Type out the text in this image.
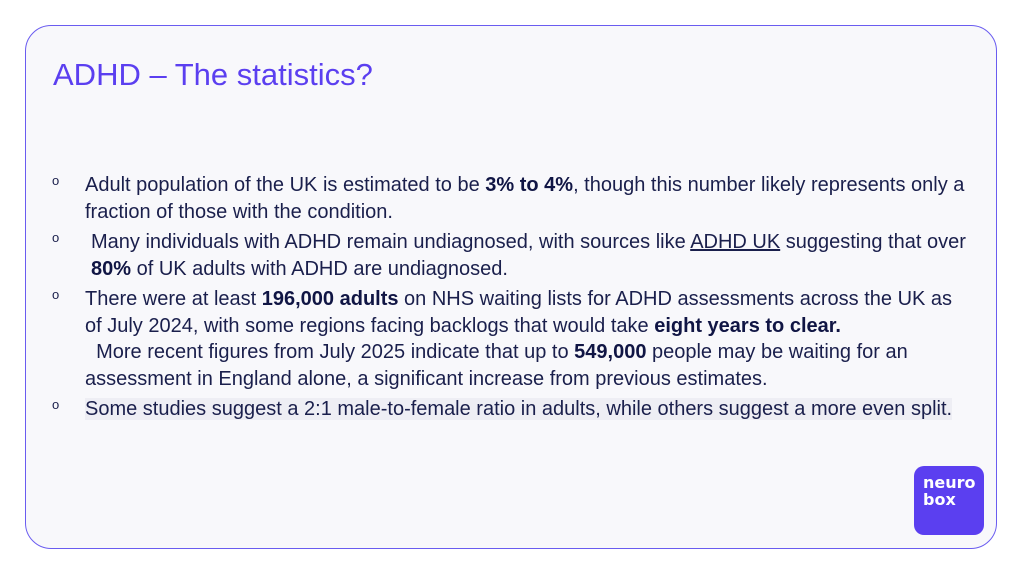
ADHD – The statistics?
o Adult population of the UK is estimated to be 3% to 4%, though this number likely represents only a fraction of those with the condition.
o Many individuals with ADHD remain undiagnosed, with sources like ADHD UK suggesting that over 80% of UK adults with ADHD are undiagnosed.
o There were at least 196,000 adults on NHS waiting lists for ADHD assessments across the UK as of July 2024, with some regions facing backlogs that would take eight years to clear.  More recent figures from July 2025 indicate that up to 549,000 people may be waiting for an assessment in England alone, a significant increase from previous estimates.
o Some studies suggest a 2:1 male-to-female ratio in adults, while others suggest a more even split.
neuro
box
